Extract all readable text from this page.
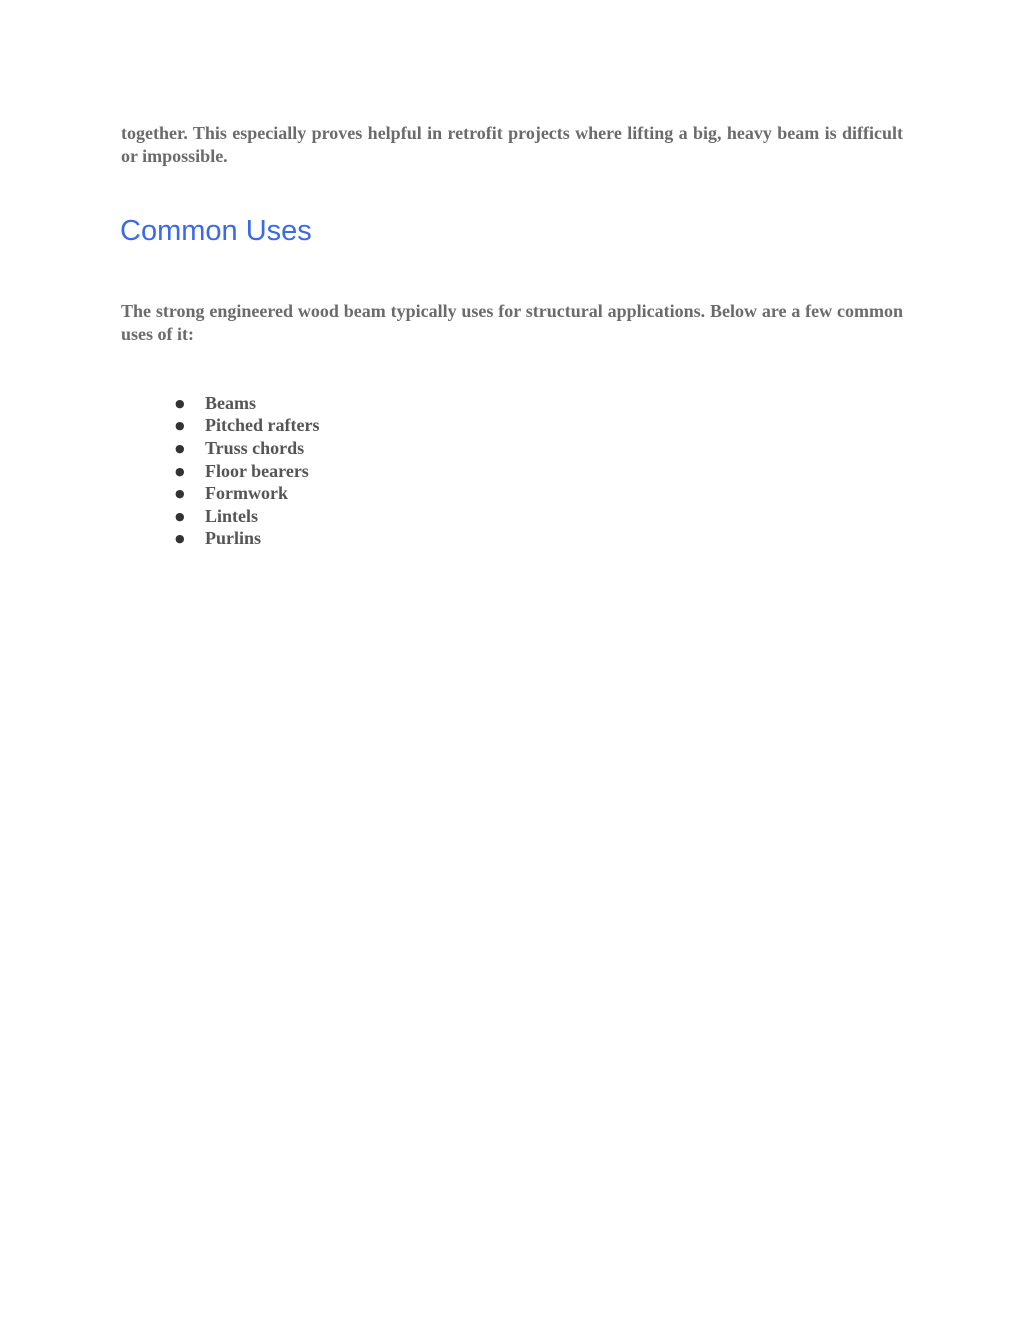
together. This especially proves helpful in retrofit projects where lifting a big, heavy beam is difficult or impossible.

Common Uses

The strong engineered wood beam typically uses for structural applications. Below are a few common uses of it:

●	Beams
●	Pitched rafters
●	Truss chords
●	Floor bearers
●	Formwork
●	Lintels
●	Purlins
